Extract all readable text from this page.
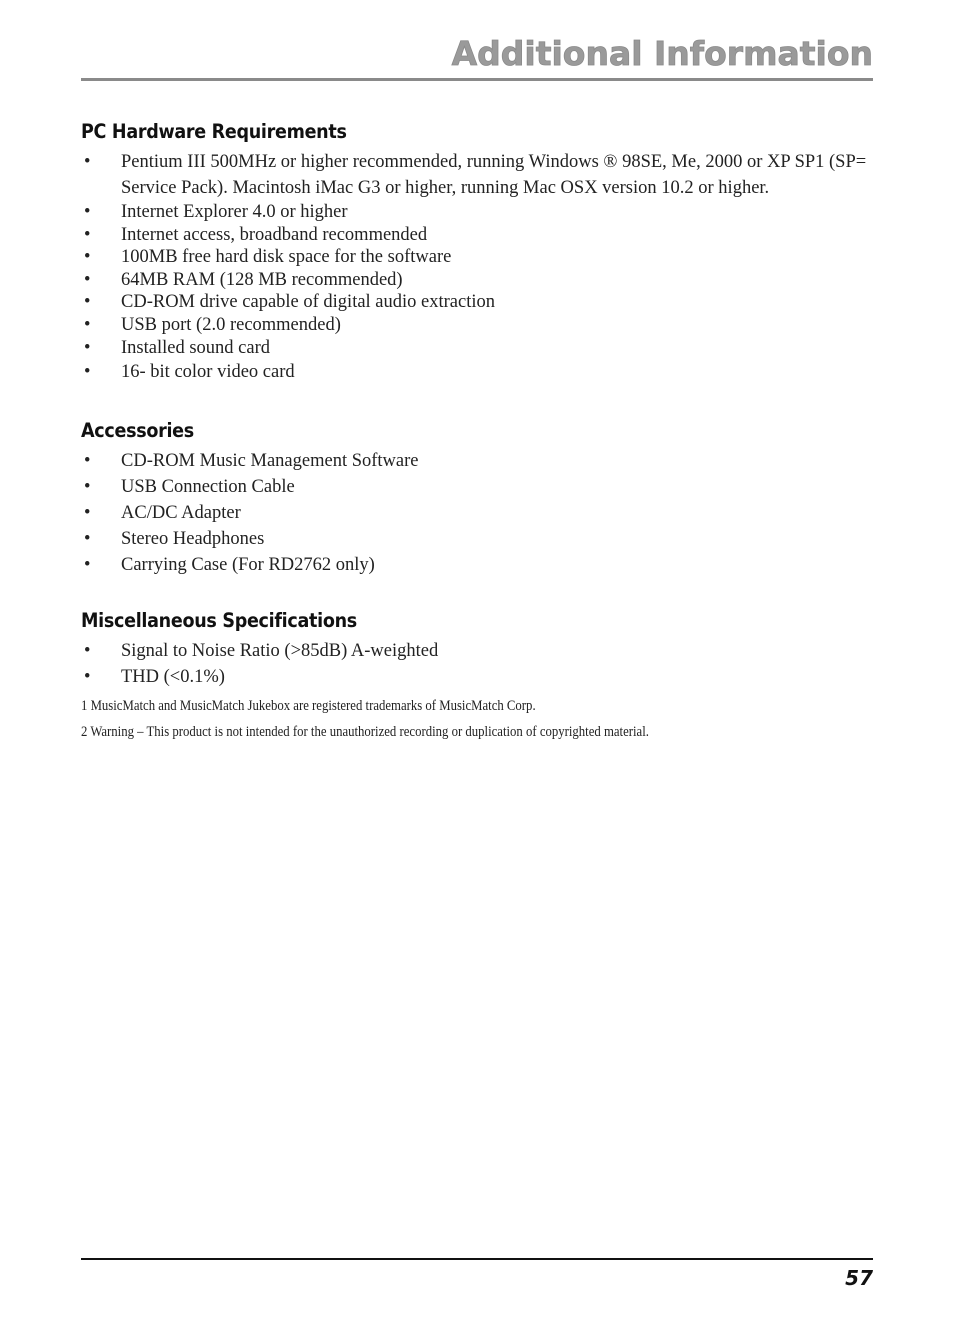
Additional Information
PC Hardware Requirements
• Pentium III 500MHz or higher recommended, running Windows ® 98SE, Me, 2000 or XP SP1 (SP= Service Pack). Macintosh iMac G3 or higher, running Mac OSX version 10.2 or higher.
• Internet Explorer 4.0 or higher
• Internet access, broadband recommended
• 100MB free hard disk space for the software
• 64MB RAM (128 MB recommended)
• CD-ROM drive capable of digital audio extraction
• USB port (2.0 recommended)
• Installed sound card
• 16- bit color video card
Accessories
• CD-ROM Music Management Software
• USB Connection Cable
• AC/DC Adapter
• Stereo Headphones
• Carrying Case (For RD2762 only)
Miscellaneous Specifications
• Signal to Noise Ratio (>85dB) A-weighted
• THD (<0.1%)

1 MusicMatch and MusicMatch Jukebox are registered trademarks of MusicMatch Corp.

2 Warning – This product is not intended for the unauthorized recording or duplication of copyrighted material.

57
